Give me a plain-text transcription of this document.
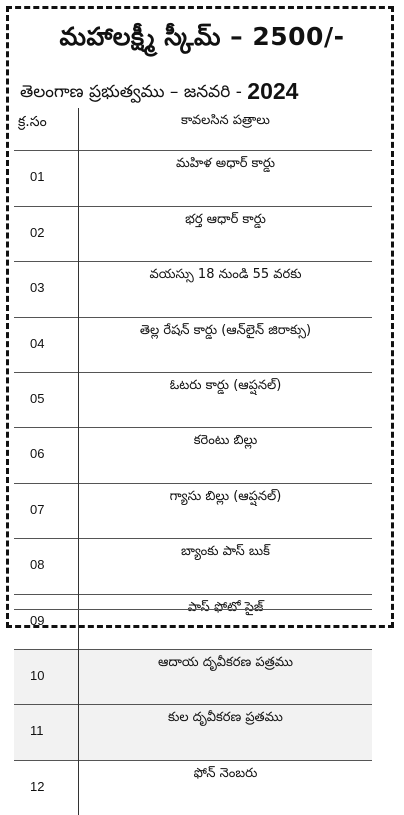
మహాలక్ష్మీ స్కీమ్ – 2500/-
తెలంగాణ ప్రభుత్వము – జనవరి - 2024
క్ర.సం	కావలసిన పత్రాలు
01	మహిళ అధార్ కార్డు
02	భర్త ఆధార్ కార్డు
03	వయస్సు 18 నుండి 55 వరకు
04	తెల్ల రేషన్ కార్డు (ఆన్‌లైన్ జిరాక్సు)
05	ఓటరు కార్డు (ఆప్షనల్)
06	కరెంటు బిల్లు
07	గ్యాసు బిల్లు (ఆప్షనల్)
08	బ్యాంకు పాస్ బుక్
09	పాస్ ఫోటో సైజ్
10	ఆదాయ దృవీకరణ పత్రము
11	కుల దృవీకరణ ప్రతము
12	ఫోన్ నెంబరు
